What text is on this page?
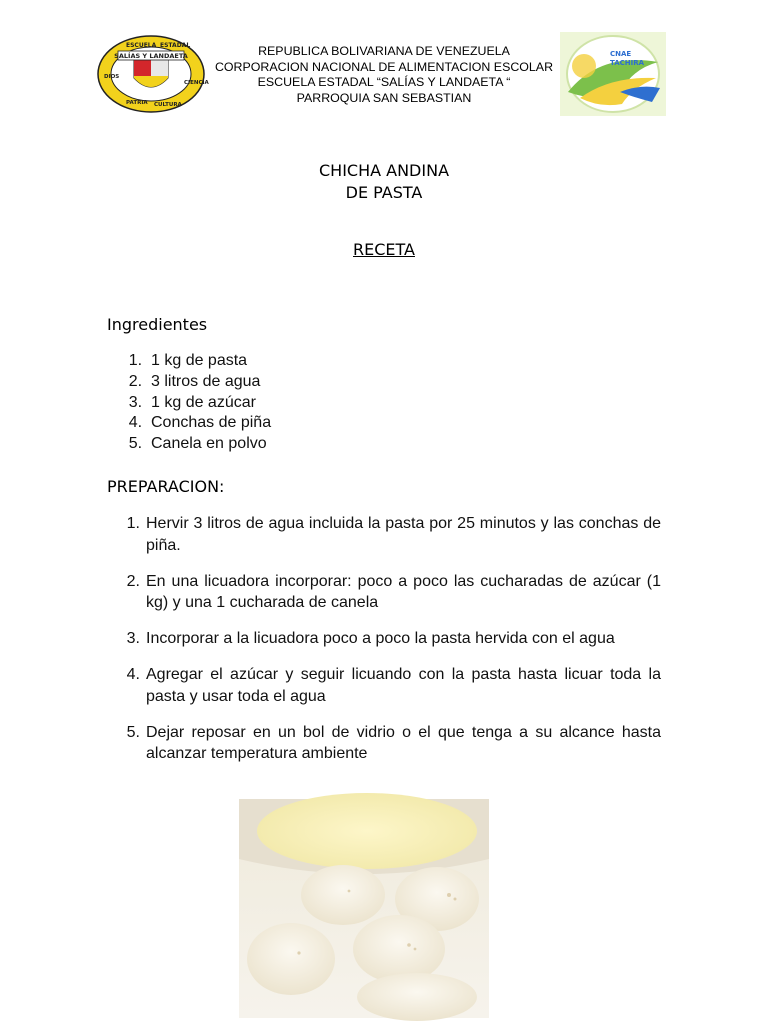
SALÍAS Y LANDAETA
ESCUELA ESTADAL
DIOS
PATRIA CULTURA
CIENCIA
REPUBLICA BOLIVARIANA DE VENEZUELA
CORPORACION NACIONAL DE ALIMENTACION ESCOLAR
ESCUELA ESTADAL “SALÍAS Y LANDAETA “
PARROQUIA SAN SEBASTIAN
CNAE
TACHIRA
CHICHA ANDINA
DE PASTA
RECETA
Ingredientes
1. 1 kg de pasta
2. 3 litros de agua
3. 1 kg de azúcar
4. Conchas de piña
5. Canela en polvo
PREPARACION:
1. Hervir 3 litros de agua incluida la pasta por 25 minutos y las conchas de piña.
2. En una licuadora incorporar: poco a poco las cucharadas de azúcar (1 kg) y una 1 cucharada de canela
3. Incorporar a la licuadora poco a poco la pasta hervida con el agua
4. Agregar el azúcar y seguir licuando con la pasta hasta licuar toda la pasta y usar toda el agua
5. Dejar reposar en un bol de vidrio o el que tenga a su alcance hasta alcanzar temperatura ambiente
